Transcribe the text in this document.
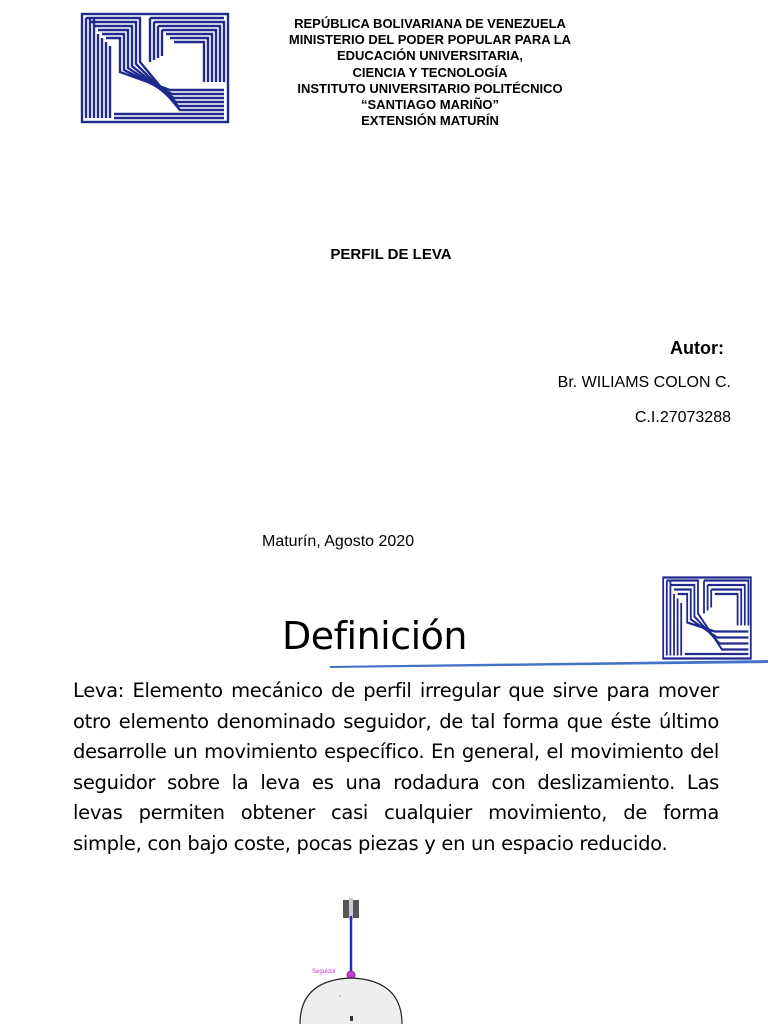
REPÚBLICA BOLIVARIANA DE VENEZUELA
MINISTERIO DEL PODER POPULAR PARA LA
EDUCACIÓN UNIVERSITARIA,
CIENCIA Y TECNOLOGÍA
INSTITUTO UNIVERSITARIO POLITÉCNICO
“SANTIAGO MARIÑO”
EXTENSIÓN MATURÍN
PERFIL DE LEVA
Autor:
Br. WILIAMS COLON C.
C.I.27073288
Maturín, Agosto 2020
Definición
Leva: Elemento mecánico de perfil irregular que sirve para mover otro elemento denominado seguidor, de tal forma que éste último desarrolle un movimiento específico. En general, el movimiento del seguidor sobre la leva es una rodadura con deslizamiento. Las levas permiten obtener casi cualquier movimiento, de forma simple, con bajo coste, pocas piezas y en un espacio reducido.
Seguidor
